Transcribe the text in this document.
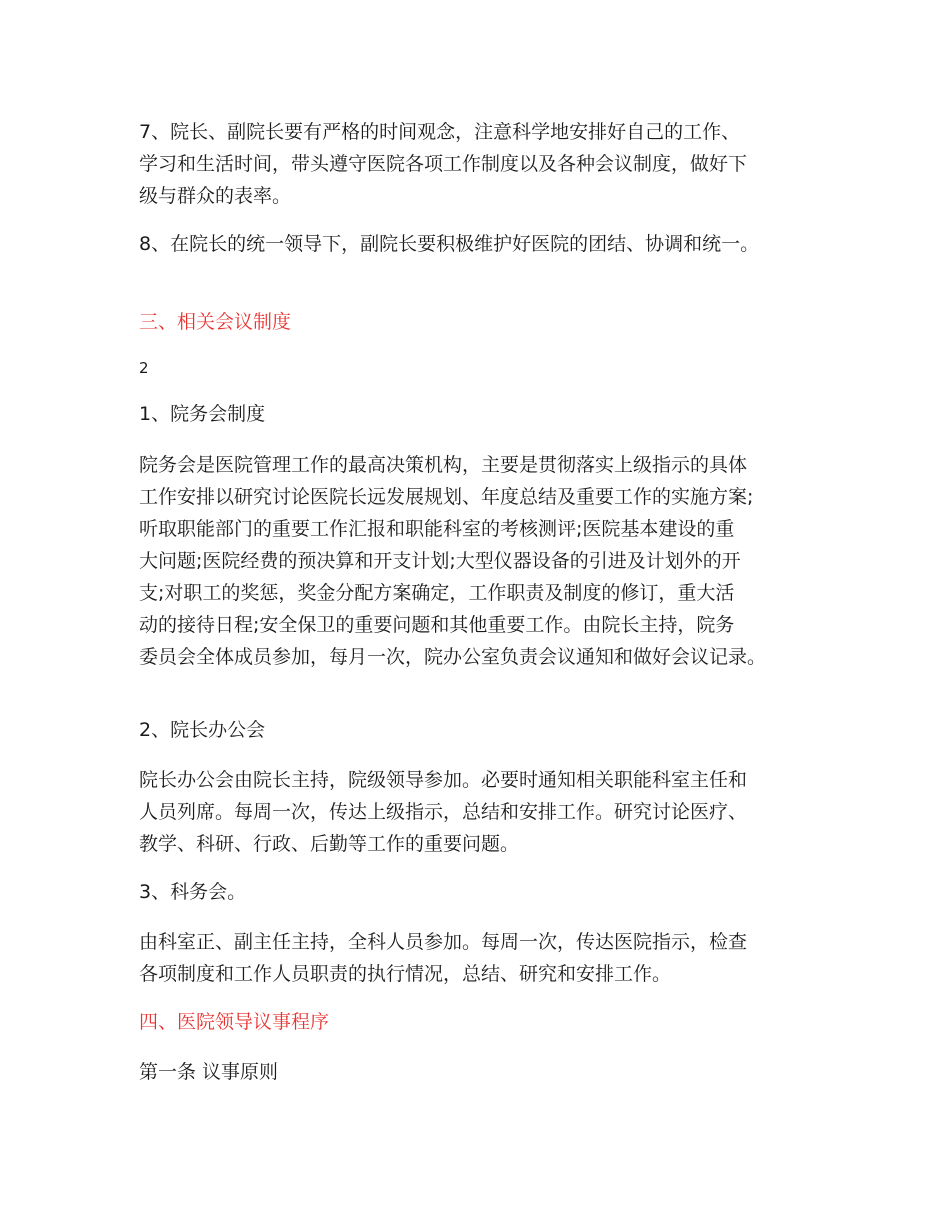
7、院长、副院长要有严格的时间观念，注意科学地安排好自己的工作、
学习和生活时间，带头遵守医院各项工作制度以及各种会议制度，做好下
级与群众的表率。

8、在院长的统一领导下，副院长要积极维护好医院的团结、协调和统一。

三、相关会议制度

2

1、院务会制度

院务会是医院管理工作的最高决策机构，主要是贯彻落实上级指示的具体
工作安排以研究讨论医院长远发展规划、年度总结及重要工作的实施方案;
听取职能部门的重要工作汇报和职能科室的考核测评;医院基本建设的重
大问题;医院经费的预决算和开支计划;大型仪器设备的引进及计划外的开
支;对职工的奖惩，奖金分配方案确定，工作职责及制度的修订，重大活
动的接待日程;安全保卫的重要问题和其他重要工作。由院长主持，院务
委员会全体成员参加，每月一次，院办公室负责会议通知和做好会议记录。

2、院长办公会

院长办公会由院长主持，院级领导参加。必要时通知相关职能科室主任和
人员列席。每周一次，传达上级指示，总结和安排工作。研究讨论医疗、
教学、科研、行政、后勤等工作的重要问题。

3、科务会。

由科室正、副主任主持，全科人员参加。每周一次，传达医院指示，检查
各项制度和工作人员职责的执行情况，总结、研究和安排工作。

四、医院领导议事程序

第一条 议事原则
